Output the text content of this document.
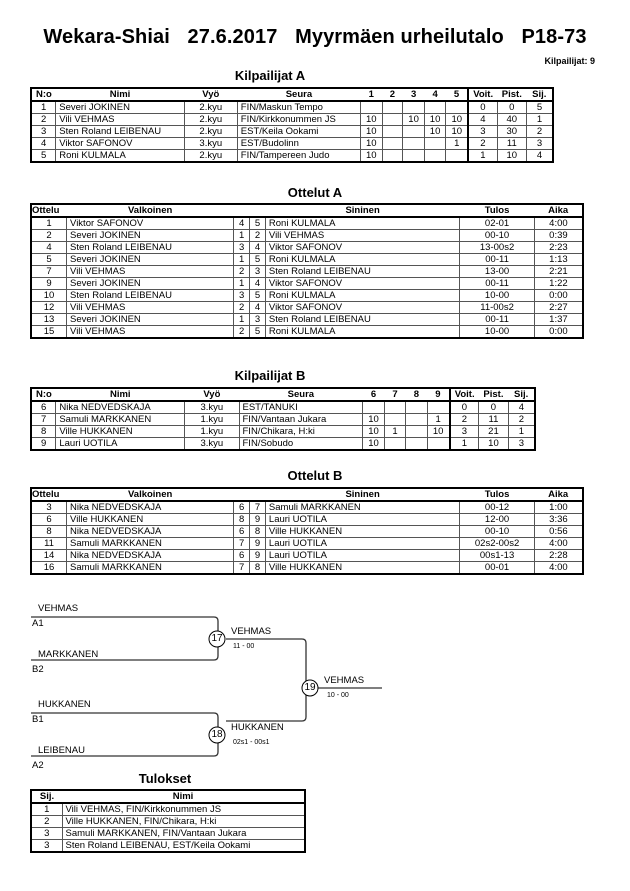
Wekara-Shiai 27.6.2017 Myyrmäen urheilutalo P18-73
Kilpailijat: 9
Kilpailijat A
N:o	Nimi	Vyö	Seura	1	2	3	4	5	Voit.	Pist.	Sij.
1	Severi JOKINEN	2.kyu	FIN/Maskun Tempo						0	0	5
2	Vili VEHMAS	2.kyu	FIN/Kirkkonummen JS	10		10	10	10	4	40	1
3	Sten Roland LEIBENAU	2.kyu	EST/Keila Ookami	10			10	10	3	30	2
4	Viktor SAFONOV	3.kyu	EST/Budolinn	10				1	2	11	3
5	Roni KULMALA	2.kyu	FIN/Tampereen Judo	10					1	10	4
Ottelut A
Ottelu	Valkoinen			Sininen	Tulos	Aika
1	Viktor SAFONOV	4	5	Roni KULMALA	02-01	4:00
2	Severi JOKINEN	1	2	Vili VEHMAS	00-10	0:39
4	Sten Roland LEIBENAU	3	4	Viktor SAFONOV	13-00s2	2:23
5	Severi JOKINEN	1	5	Roni KULMALA	00-11	1:13
7	Vili VEHMAS	2	3	Sten Roland LEIBENAU	13-00	2:21
9	Severi JOKINEN	1	4	Viktor SAFONOV	00-11	1:22
10	Sten Roland LEIBENAU	3	5	Roni KULMALA	10-00	0:00
12	Vili VEHMAS	2	4	Viktor SAFONOV	11-00s2	2:27
13	Severi JOKINEN	1	3	Sten Roland LEIBENAU	00-11	1:37
15	Vili VEHMAS	2	5	Roni KULMALA	10-00	0:00
Kilpailijat B
N:o	Nimi	Vyö	Seura	6	7	8	9	Voit.	Pist.	Sij.
6	Nika NEDVEDSKAJA	3.kyu	EST/TANUKI					0	0	4
7	Samuli MARKKANEN	1.kyu	FIN/Vantaan Jukara	10			1	2	11	2
8	Ville HUKKANEN	1.kyu	FIN/Chikara, H:ki	10	1		10	3	21	1
9	Lauri UOTILA	3.kyu	FIN/Sobudo	10				1	10	3
Ottelut B
Ottelu	Valkoinen			Sininen	Tulos	Aika
3	Nika NEDVEDSKAJA	6	7	Samuli MARKKANEN	00-12	1:00
6	Ville HUKKANEN	8	9	Lauri UOTILA	12-00	3:36
8	Nika NEDVEDSKAJA	6	8	Ville HUKKANEN	00-10	0:56
11	Samuli MARKKANEN	7	9	Lauri UOTILA	02s2-00s2	4:00
14	Nika NEDVEDSKAJA	6	9	Lauri UOTILA	00s1-13	2:28
16	Samuli MARKKANEN	7	8	Ville HUKKANEN	00-01	4:00
VEHMAS
A1
MARKKANEN
B2
17
VEHMAS
11 - 00
HUKKANEN
B1
LEIBENAU
A2
18
HUKKANEN
02s1 - 00s1
19
VEHMAS
10 - 00
Tulokset
Sij.	Nimi
1	Vili VEHMAS, FIN/Kirkkonummen JS
2	Ville HUKKANEN, FIN/Chikara, H:ki
3	Samuli MARKKANEN, FIN/Vantaan Jukara
3	Sten Roland LEIBENAU, EST/Keila Ookami
